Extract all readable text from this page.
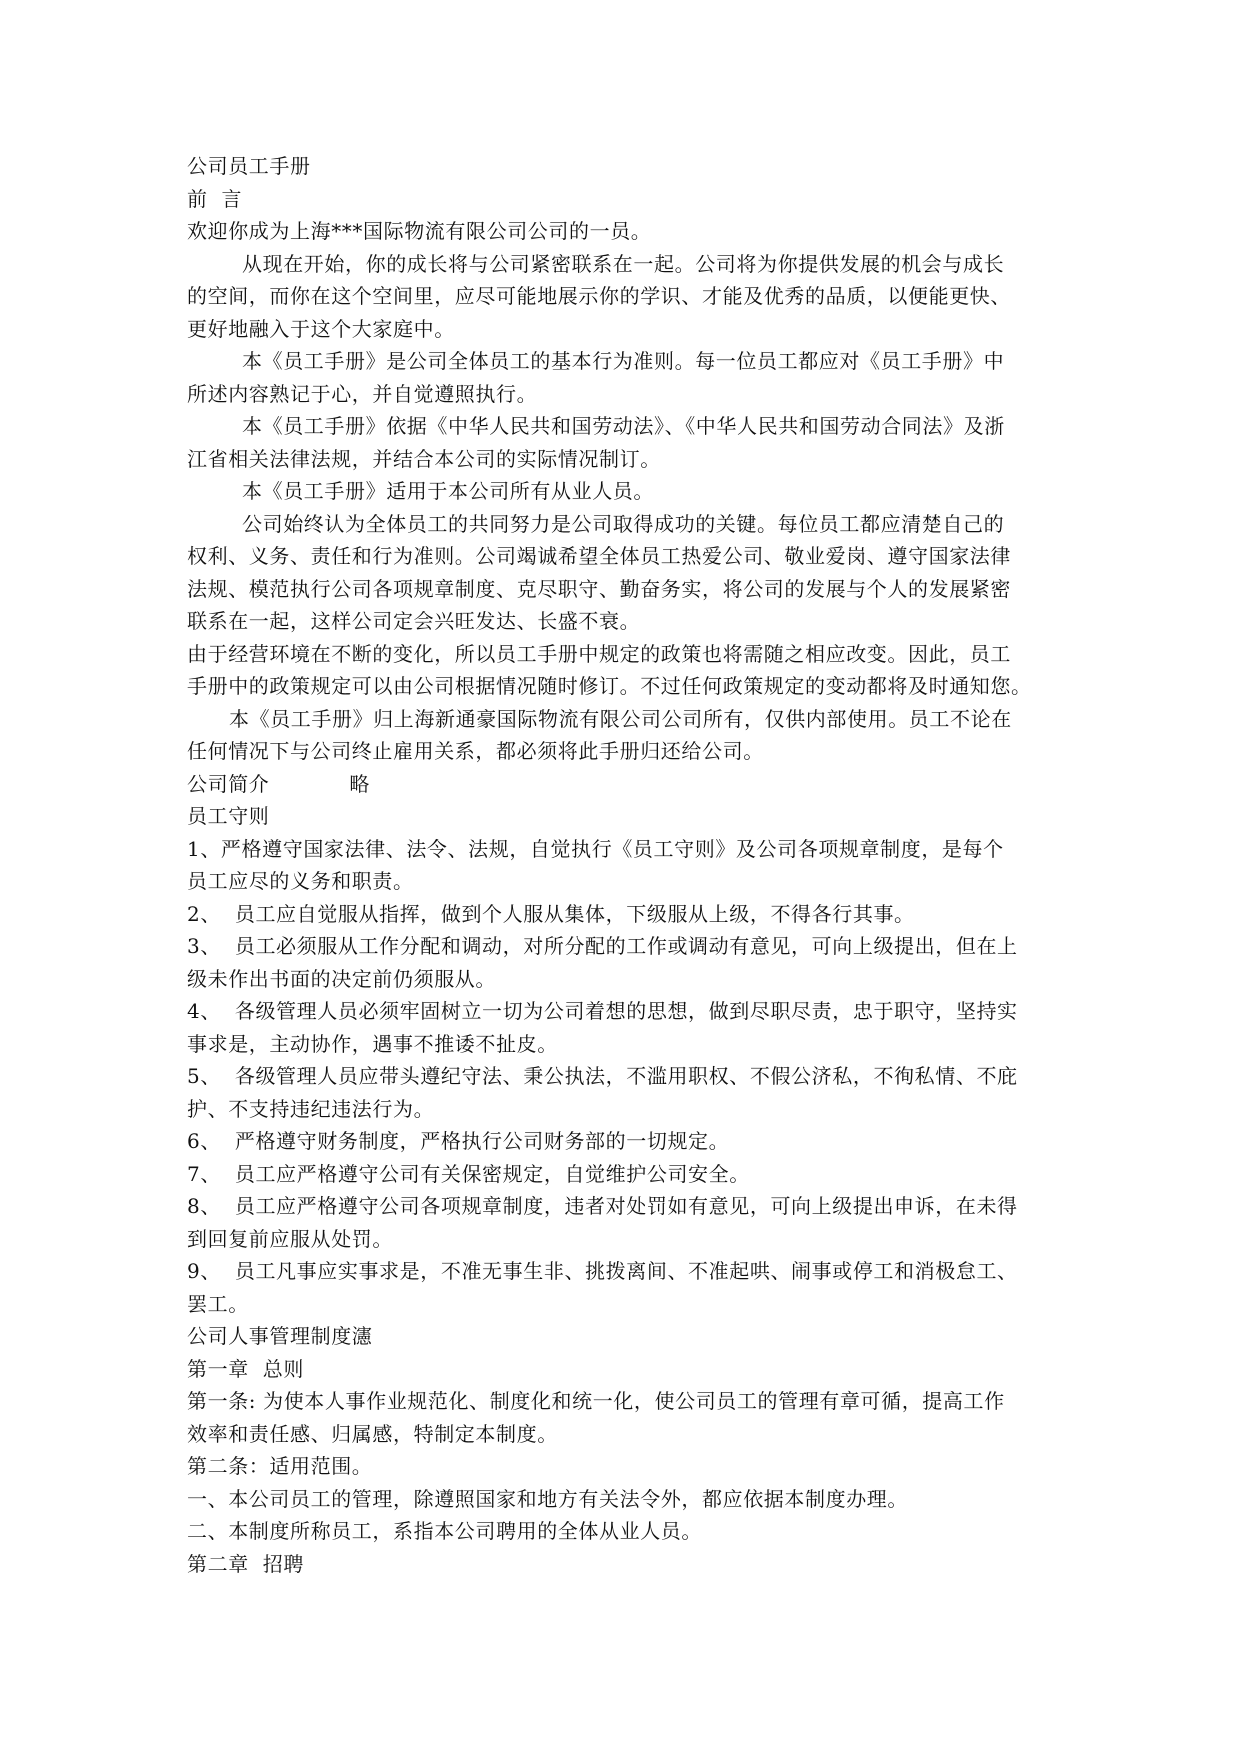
公司员工手册
前  言
欢迎你成为上海***国际物流有限公司公司的一员。
从现在开始，你的成长将与公司紧密联系在一起。公司将为你提供发展的机会与成长
的空间，而你在这个空间里，应尽可能地展示你的学识、才能及优秀的品质，以便能更快、
更好地融入于这个大家庭中。
本《员工手册》是公司全体员工的基本行为准则。每一位员工都应对《员工手册》中
所述内容熟记于心，并自觉遵照执行。
本《员工手册》依据《中华人民共和国劳动法》、《中华人民共和国劳动合同法》及浙
江省相关法律法规，并结合本公司的实际情况制订。
本《员工手册》适用于本公司所有从业人员。
公司始终认为全体员工的共同努力是公司取得成功的关键。每位员工都应清楚自己的
权利、义务、责任和行为准则。公司竭诚希望全体员工热爱公司、敬业爱岗、遵守国家法律
法规、模范执行公司各项规章制度、克尽职守、勤奋务实，将公司的发展与个人的发展紧密
联系在一起，这样公司定会兴旺发达、长盛不衰。
由于经营环境在不断的变化，所以员工手册中规定的政策也将需随之相应改变。因此，员工
手册中的政策规定可以由公司根据情况随时修订。不过任何政策规定的变动都将及时通知您。
本《员工手册》归上海新通豪国际物流有限公司公司所有，仅供内部使用。员工不论在
任何情况下与公司终止雇用关系，都必须将此手册归还给公司。
公司简介	略
员工守则
1、严格遵守国家法律、法令、法规，自觉执行《员工守则》及公司各项规章制度，是每个
员工应尽的义务和职责。
2、  员工应自觉服从指挥，做到个人服从集体，下级服从上级，不得各行其事。
3、  员工必须服从工作分配和调动，对所分配的工作或调动有意见，可向上级提出，但在上
级未作出书面的决定前仍须服从。
4、  各级管理人员必须牢固树立一切为公司着想的思想，做到尽职尽责，忠于职守，坚持实
事求是，主动协作，遇事不推诿不扯皮。
5、  各级管理人员应带头遵纪守法、秉公执法，不滥用职权、不假公济私，不徇私情、不庇
护、不支持违纪违法行为。
6、  严格遵守财务制度，严格执行公司财务部的一切规定。
7、  员工应严格遵守公司有关保密规定，自觉维护公司安全。
8、  员工应严格遵守公司各项规章制度，违者对处罚如有意见，可向上级提出申诉，在未得
到回复前应服从处罚。
9、  员工凡事应实事求是，不准无事生非、挑拨离间、不准起哄、闹事或停工和消极怠工、
罢工。
公司人事管理制度瀗
第一章  总则
第一条: 为使本人事作业规范化、制度化和统一化，使公司员工的管理有章可循，提高工作
效率和责任感、归属感，特制定本制度。
第二条：适用范围。
一、本公司员工的管理，除遵照国家和地方有关法令外，都应依据本制度办理。
二、本制度所称员工，系指本公司聘用的全体从业人员。
第二章  招聘
